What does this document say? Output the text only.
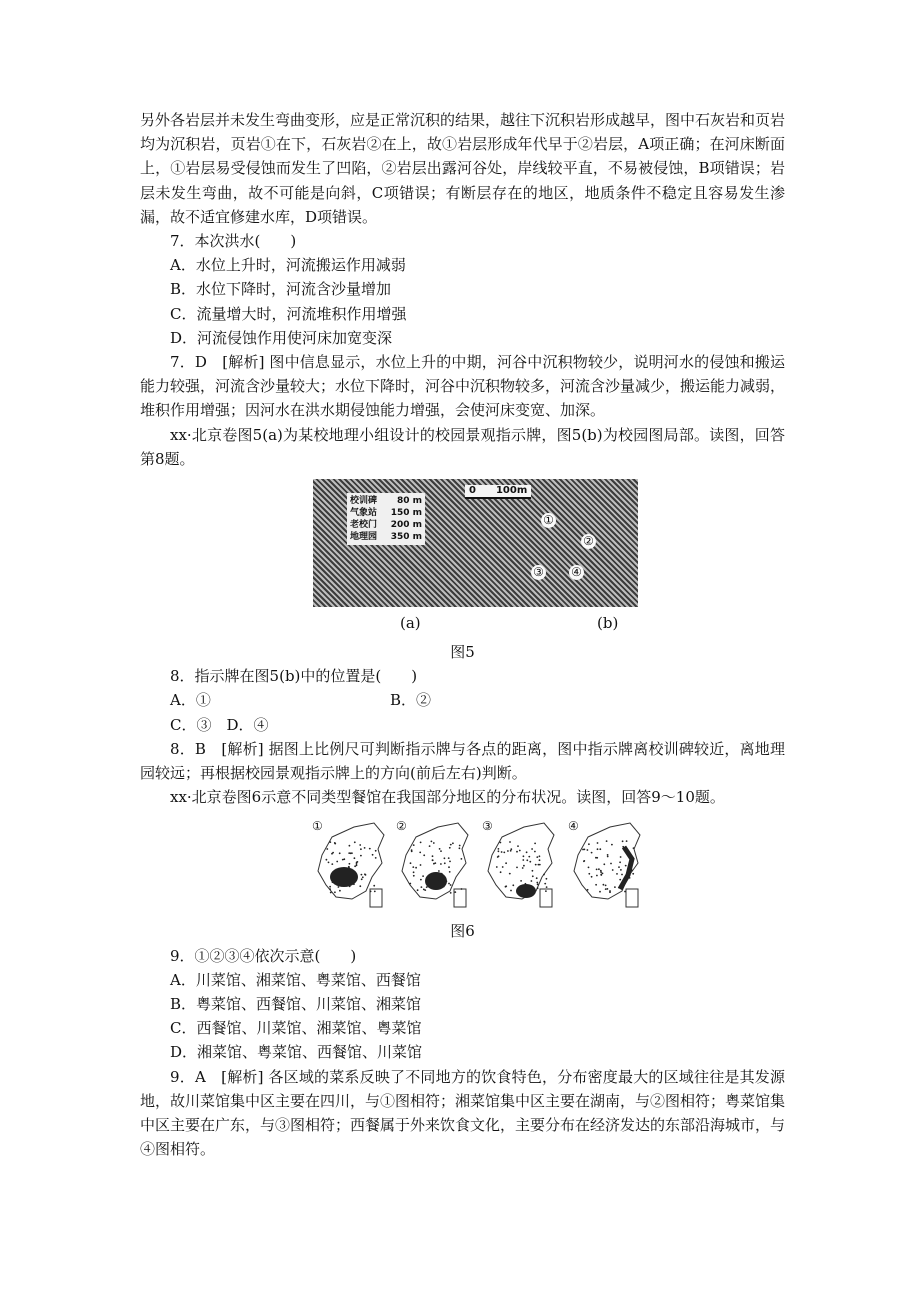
另外各岩层并未发生弯曲变形，应是正常沉积的结果，越往下沉积岩形成越早，图中石灰岩和页岩均为沉积岩，页岩①在下，石灰岩②在上，故①岩层形成年代早于②岩层，A项正确；在河床断面上，①岩层易受侵蚀而发生了凹陷，②岩层出露河谷处，岸线较平直，不易被侵蚀，B项错误；岩层未发生弯曲，故不可能是向斜，C项错误；有断层存在的地区，地质条件不稳定且容易发生渗漏，故不适宜修建水库，D项错误。

7．本次洪水(　　)

A．水位上升时，河流搬运作用减弱

B．水位下降时，河流含沙量增加

C．流量增大时，河流堆积作用增强

D．河流侵蚀作用使河床加宽变深

7．D　[解析] 图中信息显示，水位上升的中期，河谷中沉积物较少，说明河水的侵蚀和搬运能力较强，河流含沙量较大；水位下降时，河谷中沉积物较多，河流含沙量减少，搬运能力减弱，堆积作用增强；因河水在洪水期侵蚀能力增强，会使河床变宽、加深。

xx·北京卷图5(a)为某校地理小组设计的校园景观指示牌，图5(b)为校园图局部。读图，回答第8题。

校训碑 80 m
气象站 150 m
老校门 200 m
地理园 350 m
0　　100m
①
②
③ ④
(a)	(b)

图5

8．指示牌在图5(b)中的位置是(　　)

A．①	B．②

C．③　D．④

8．B　[解析] 据图上比例尺可判断指示牌与各点的距离，图中指示牌离校训碑较近，离地理园较远；再根据校园景观指示牌上的方向(前后左右)判断。

xx·北京卷图6示意不同类型餐馆在我国部分地区的分布状况。读图，回答9～10题。

①	②	③	④

图6

9．①②③④依次示意(　　)

A．川菜馆、湘菜馆、粤菜馆、西餐馆

B．粤菜馆、西餐馆、川菜馆、湘菜馆

C．西餐馆、川菜馆、湘菜馆、粤菜馆

D．湘菜馆、粤菜馆、西餐馆、川菜馆

9．A　[解析] 各区域的菜系反映了不同地方的饮食特色，分布密度最大的区域往往是其发源地，故川菜馆集中区主要在四川，与①图相符；湘菜馆集中区主要在湖南，与②图相符；粤菜馆集中区主要在广东，与③图相符；西餐属于外来饮食文化，主要分布在经济发达的东部沿海城市，与④图相符。
